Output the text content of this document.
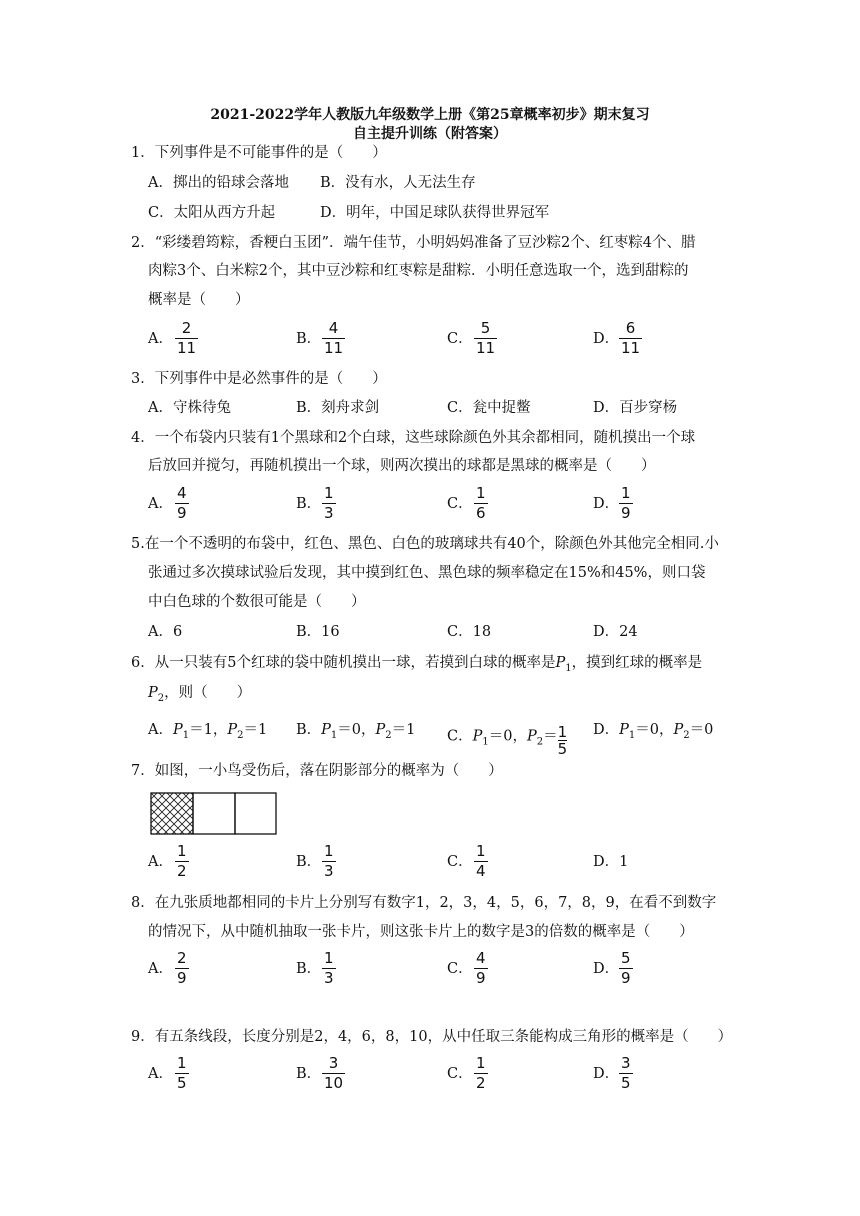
2021-2022学年人教版九年级数学上册《第25章概率初步》期末复习
自主提升训练（附答案）
1．下列事件是不可能事件的是（　　）
A．掷出的铅球会落地 B．没有水，人无法生存
C．太阳从西方升起	D．明年，中国足球队获得世界冠军
2．“彩缕碧筠粽，香粳白玉团”．端午佳节，小明妈妈准备了豆沙粽2个、红枣粽4个、腊
肉粽3个、白米粽2个，其中豆沙粽和红枣粽是甜粽．小明任意选取一个，选到甜粽的
概率是（　　）
A．
2
11	B．
4
11	C．
5
11	D．
6
11
3．下列事件中是必然事件的是（　　）
A．守株待兔	B．刻舟求剑	C．瓮中捉鳖	D．百步穿杨
4．一个布袋内只装有1个黑球和2个白球，这些球除颜色外其余都相同，随机摸出一个球
后放回并搅匀，再随机摸出一个球，则两次摸出的球都是黑球的概率是（　　）
A．
4
9	B．
1
3	C．
1
6	D．
1
9
5.在一个不透明的布袋中，红色、黑色、白色的玻璃球共有40个，除颜色外其他完全相同.小
张通过多次摸球试验后发现，其中摸到红色、黑色球的频率稳定在15%和45%，则口袋
中白色球的个数很可能是（　　）
A．6	B．16	C．18	D．24
6．从一只装有5个红球的袋中随机摸出一球，若摸到白球的概率是$P_1$，摸到红球的概率是
$P_2$，则（　　）
A．$P_1=1$，$P_2=1$ B．$P_1=0$，$P_2=1$ C．$P_1=0$，$P_2= \frac{1}{5}$ D．$P_1=0$，$P_2=0$
7．如图，一小鸟受伤后，落在阴影部分的概率为（　　）
A．
1
2	B．
1
3	C．
1
4	D．1
8．在九张质地都相同的卡片上分别写有数字1，2，3，4，5，6，7，8，9，在看不到数字
的情况下，从中随机抽取一张卡片，则这张卡片上的数字是3的倍数的概率是（　　）
A．
2
9	B．
1
3	C．
4
9	D．
5
9
9．有五条线段，长度分别是2，4，6，8，10，从中任取三条能构成三角形的概率是（　　）
A．
1
5	B．
3
10	C．
1
2	D．
3
5
